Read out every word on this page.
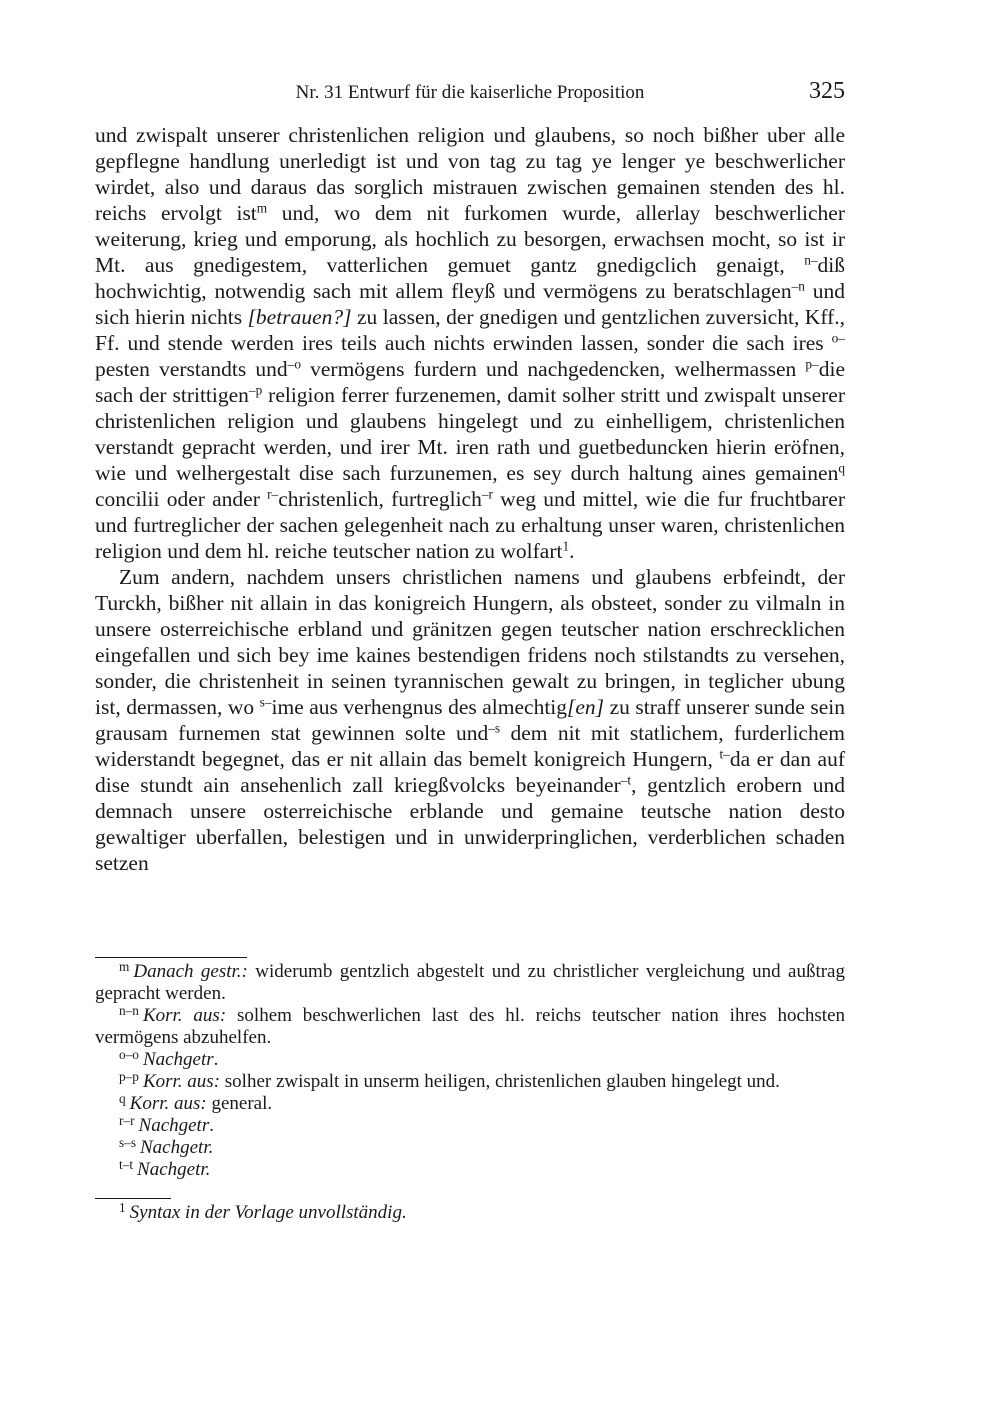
Nr. 31 Entwurf für die kaiserliche Proposition	325

und zwispalt unserer christenlichen religion und glaubens, so noch bißher uber alle gepflegne handlung unerledigt ist und von tag zu tag ye lenger ye beschwerlicher wirdet, also und daraus das sorglich mistrauen zwischen gemainen stenden des hl. reichs ervolgt ist$^m$ und, wo dem nit furkomen wurde, allerlay beschwerlicher weiterung, krieg und emporung, als hochlich zu besorgen, erwachsen mocht, so ist ir Mt. aus gnedigestem, vatterlichen gemuet gantz gnedigclich genaigt, $^{n-}$diß hochwichtig, notwendig sach mit allem fleyß und vermögens zu beratschlagen$^{-n}$ und sich hierin nichts [betrauen?] zu lassen, der gnedigen und gentzlichen zuversicht, Kff., Ff. und stende werden ires teils auch nichts erwinden lassen, sonder die sach ires $^{o-}$pesten verstandts und$^{-o}$ vermögens furdern und nachgedencken, welhermassen $^{p-}$die sach der strittigen$^{-p}$ religion ferrer furzenemen, damit solher stritt und zwispalt unserer christenlichen religion und glaubens hingelegt und zu einhelligem, christenlichen verstandt gepracht werden, und irer Mt. iren rath und guetbeduncken hierin eröfnen, wie und welhergestalt dise sach furzunemen, es sey durch haltung aines gemainen$^q$ concilii oder ander $^{r-}$christenlich, furtreglich$^{-r}$ weg und mittel, wie die fur fruchtbarer und furtreglicher der sachen gelegenheit nach zu erhaltung unser waren, christenlichen religion und dem hl. reiche teutscher nation zu wolfart$^1$.

Zum andern, nachdem unsers christlichen namens und glaubens erbfeindt, der Turckh, bißher nit allain in das konigreich Hungern, als obsteet, sonder zu vilmaln in unsere osterreichische erbland und gränitzen gegen teutscher nation erschrecklichen eingefallen und sich bey ime kaines bestendigen fridens noch stilstandts zu versehen, sonder, die christenheit in seinen tyrannischen gewalt zu bringen, in teglicher ubung ist, dermassen, wo $^{s-}$ime aus verhengnus des almechtig[en] zu straff unserer sunde sein grausam furnemen stat gewinnen solte und$^{-s}$ dem nit mit statlichem, furderlichem widerstandt begegnet, das er nit allain das bemelt konigreich Hungern, $^{t-}$da er dan auf dise stundt ain ansehenlich zall kriegßvolcks beyeinander$^{-t}$, gentzlich erobern und demnach unsere osterreichische erblande und gemaine teutsche nation desto gewaltiger uberfallen, belestigen und in unwiderpringlichen, verderblichen schaden setzen

$^m$ Danach gestr.: widerumb gentzlich abgestelt und zu christlicher vergleichung und außtrag gepracht werden.

$^{n-n}$ Korr. aus: solhem beschwerlichen last des hl. reichs teutscher nation ihres hochsten vermögens abzuhelfen.

$^{o-o}$ Nachgetr.

$^{p-p}$ Korr. aus: solher zwispalt in unserm heiligen, christenlichen glauben hingelegt und.

$^q$ Korr. aus: general.

$^{r-r}$ Nachgetr.

$^{s-s}$ Nachgetr.

$^{t-t}$ Nachgetr.

$^1$ Syntax in der Vorlage unvollständig.
